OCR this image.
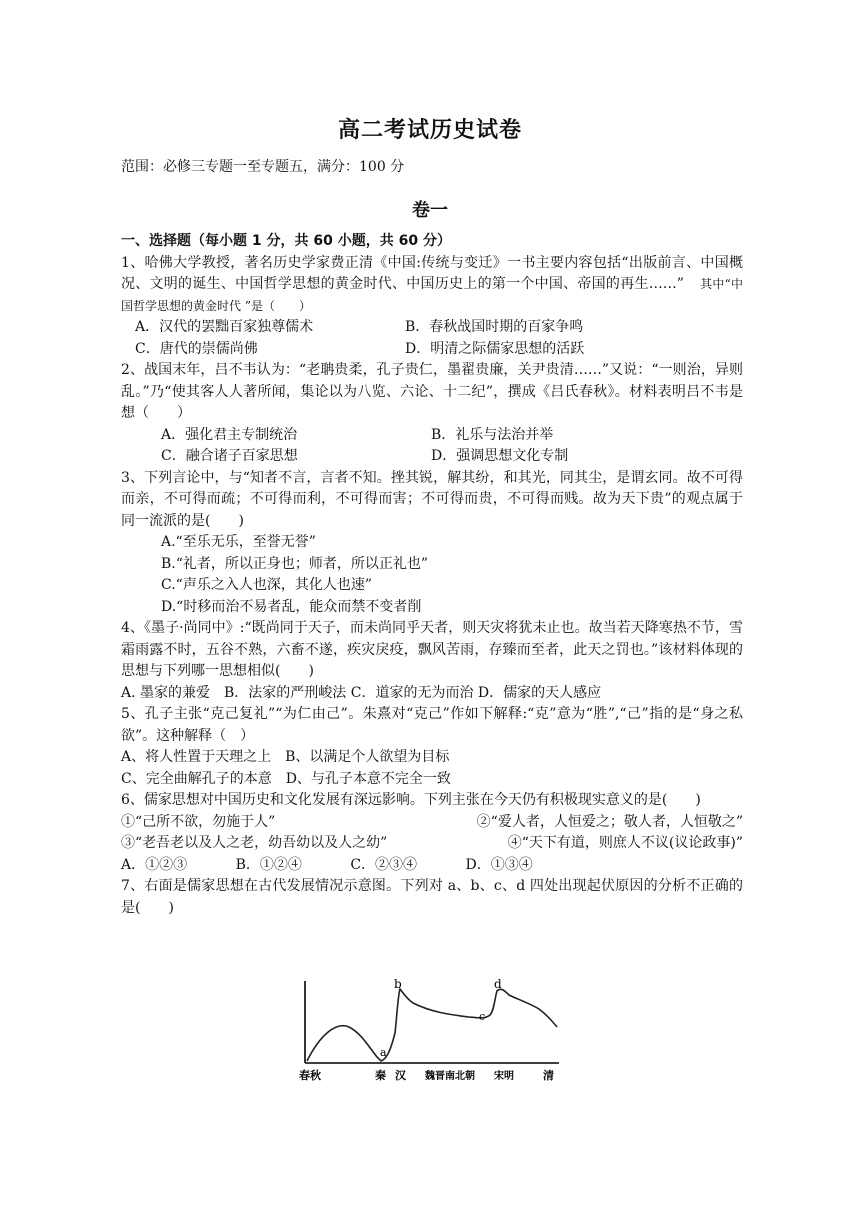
高二考试历史试卷
范围：必修三专题一至专题五，满分：100 分
卷一

一、选择题（每小题 1 分，共 60 小题，共 60 分）

1、哈佛大学教授，著名历史学家费正清《中国:传统与变迁》一书主要内容包括“出版前言、中国概况、文明的诞生、中国哲学思想的黄金时代、中国历史上的第一个中国、帝国的再生……”　  其中“中国哲学思想的黄金时代 ”是（　　）

A．汉代的罢黜百家独尊儒术	B．春秋战国时期的百家争鸣
C．唐代的崇儒尚佛	D．明清之际儒家思想的活跃

2、战国末年，吕不韦认为：“老聃贵柔，孔子贵仁，墨翟贵廉，关尹贵清……”又说：“一则治，异则乱。”乃“使其客人人著所闻，集论以为八览、六论、十二纪”，撰成《吕氏春秋》。材料表明吕不韦是想（　　）

A．强化君主专制统治	B．礼乐与法治并举
C．融合诸子百家思想	D．强调思想文化专制

3、下列言论中，与“知者不言，言者不知。挫其锐，解其纷，和其光，同其尘，是谓玄同。故不可得而亲，不可得而疏；不可得而利，不可得而害；不可得而贵，不可得而贱。故为天下贵”的观点属于同一流派的是(　　)

A.“至乐无乐，至誉无誉”
B.“礼者，所以正身也；师者，所以正礼也”
C.“声乐之入人也深，其化人也速”
D.“时移而治不易者乱，能众而禁不变者削

4、《墨子·尚同中》:“既尚同于天子，而未尚同乎天者，则天灾将犹未止也。故当若天降寒热不节，雪霜雨露不时，五谷不熟，六畜不遂，疾灾戾疫，飘风苦雨，存臻而至者，此天之罚也。”该材料体现的思想与下列哪一思想相似(　　)

A. 墨家的兼爱　B．法家的严刑峻法 C．道家的无为而治 D．儒家的天人感应

5、孔子主张“克己复礼”“为仁由己”。朱熹对“克己”作如下解释:“克”意为“胜”,“己”指的是“身之私欲”。这种解释（　）

A、将人性置于天理之上　B、以满足个人欲望为目标
C、完全曲解孔子的本意　D、与孔子本意不完全一致

6、儒家思想对中国历史和文化发展有深远影响。下列主张在今天仍有积极现实意义的是(　　)

①“己所不欲，勿施于人”	②“爱人者，人恒爱之；敬人者，人恒敬之”
③“老吾老以及人之老，幼吾幼以及人之幼”	④“天下有道，则庶人不议(议论政事)”
A．①②③	B．①②④	C．②③④	D．①③④

7、右面是儒家思想在古代发展情况示意图。下列对 a、b、c、d 四处出现起伏原因的分析不正确的是(　　)

a
b
c
d
春秋	秦 汉 魏晋南北朝 宋明	清
